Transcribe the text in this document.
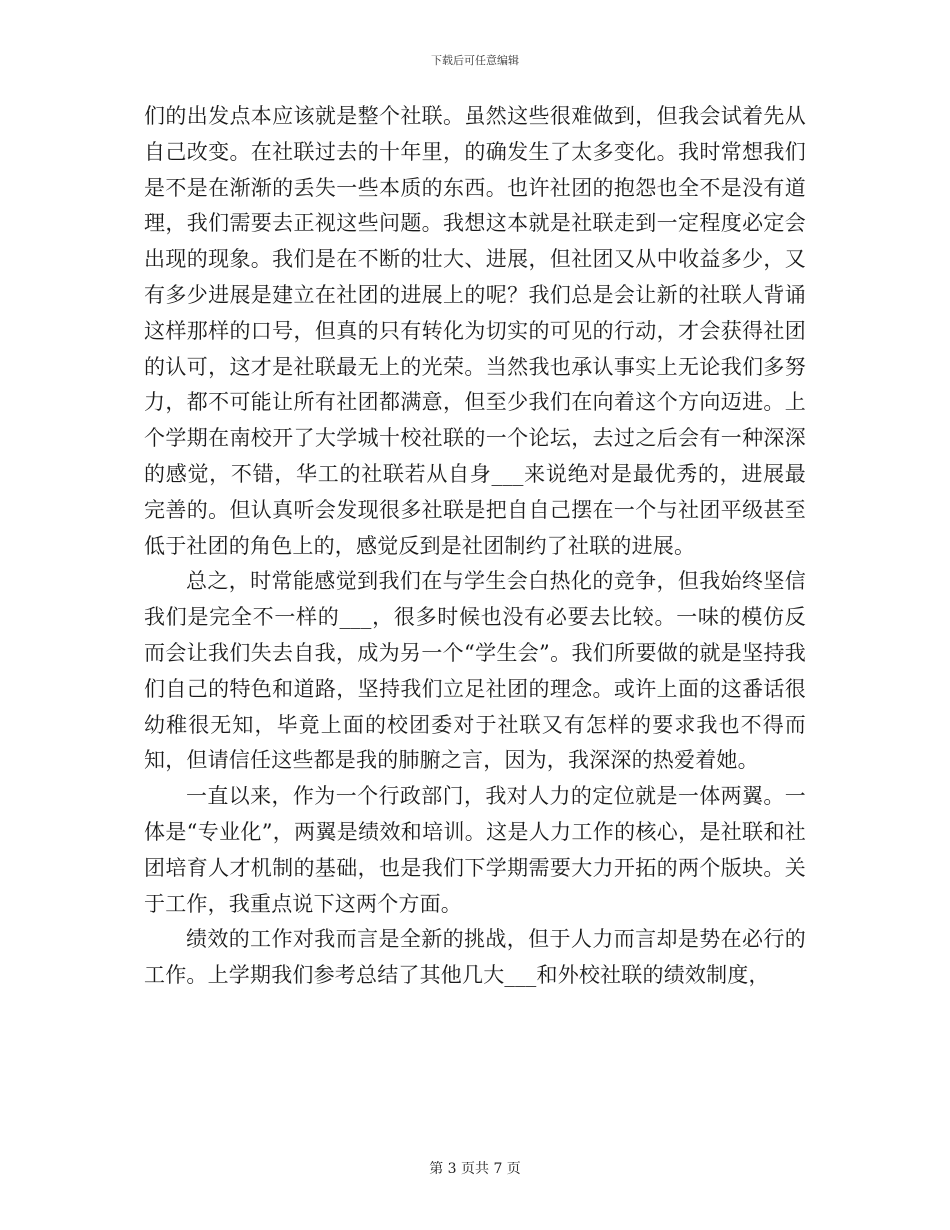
下载后可任意编辑

们的出发点本应该就是整个社联。虽然这些很难做到，但我会试着先从自己改变。在社联过去的十年里，的确发生了太多变化。我时常想我们是不是在渐渐的丢失一些本质的东西。也许社团的抱怨也全不是没有道理，我们需要去正视这些问题。我想这本就是社联走到一定程度必定会出现的现象。我们是在不断的壮大、进展，但社团又从中收益多少，又有多少进展是建立在社团的进展上的呢？我们总是会让新的社联人背诵这样那样的口号，但真的只有转化为切实的可见的行动，才会获得社团的认可，这才是社联最无上的光荣。当然我也承认事实上无论我们多努力，都不可能让所有社团都满意，但至少我们在向着这个方向迈进。上个学期在南校开了大学城十校社联的一个论坛，去过之后会有一种深深的感觉，不错，华工的社联若从自身___来说绝对是最优秀的，进展最完善的。但认真听会发现很多社联是把自自己摆在一个与社团平级甚至低于社团的角色上的，感觉反到是社团制约了社联的进展。

总之，时常能感觉到我们在与学生会白热化的竞争，但我始终坚信我们是完全不一样的___，很多时候也没有必要去比较。一味的模仿反而会让我们失去自我，成为另一个“学生会”。我们所要做的就是坚持我们自己的特色和道路，坚持我们立足社团的理念。或许上面的这番话很幼稚很无知，毕竟上面的校团委对于社联又有怎样的要求我也不得而知，但请信任这些都是我的肺腑之言，因为，我深深的热爱着她。

一直以来，作为一个行政部门，我对人力的定位就是一体两翼。一体是“专业化”，两翼是绩效和培训。这是人力工作的核心，是社联和社团培育人才机制的基础，也是我们下学期需要大力开拓的两个版块。关于工作，我重点说下这两个方面。

绩效的工作对我而言是全新的挑战，但于人力而言却是势在必行的工作。上学期我们参考总结了其他几大___和外校社联的绩效制度，

第 3 页共 7 页
